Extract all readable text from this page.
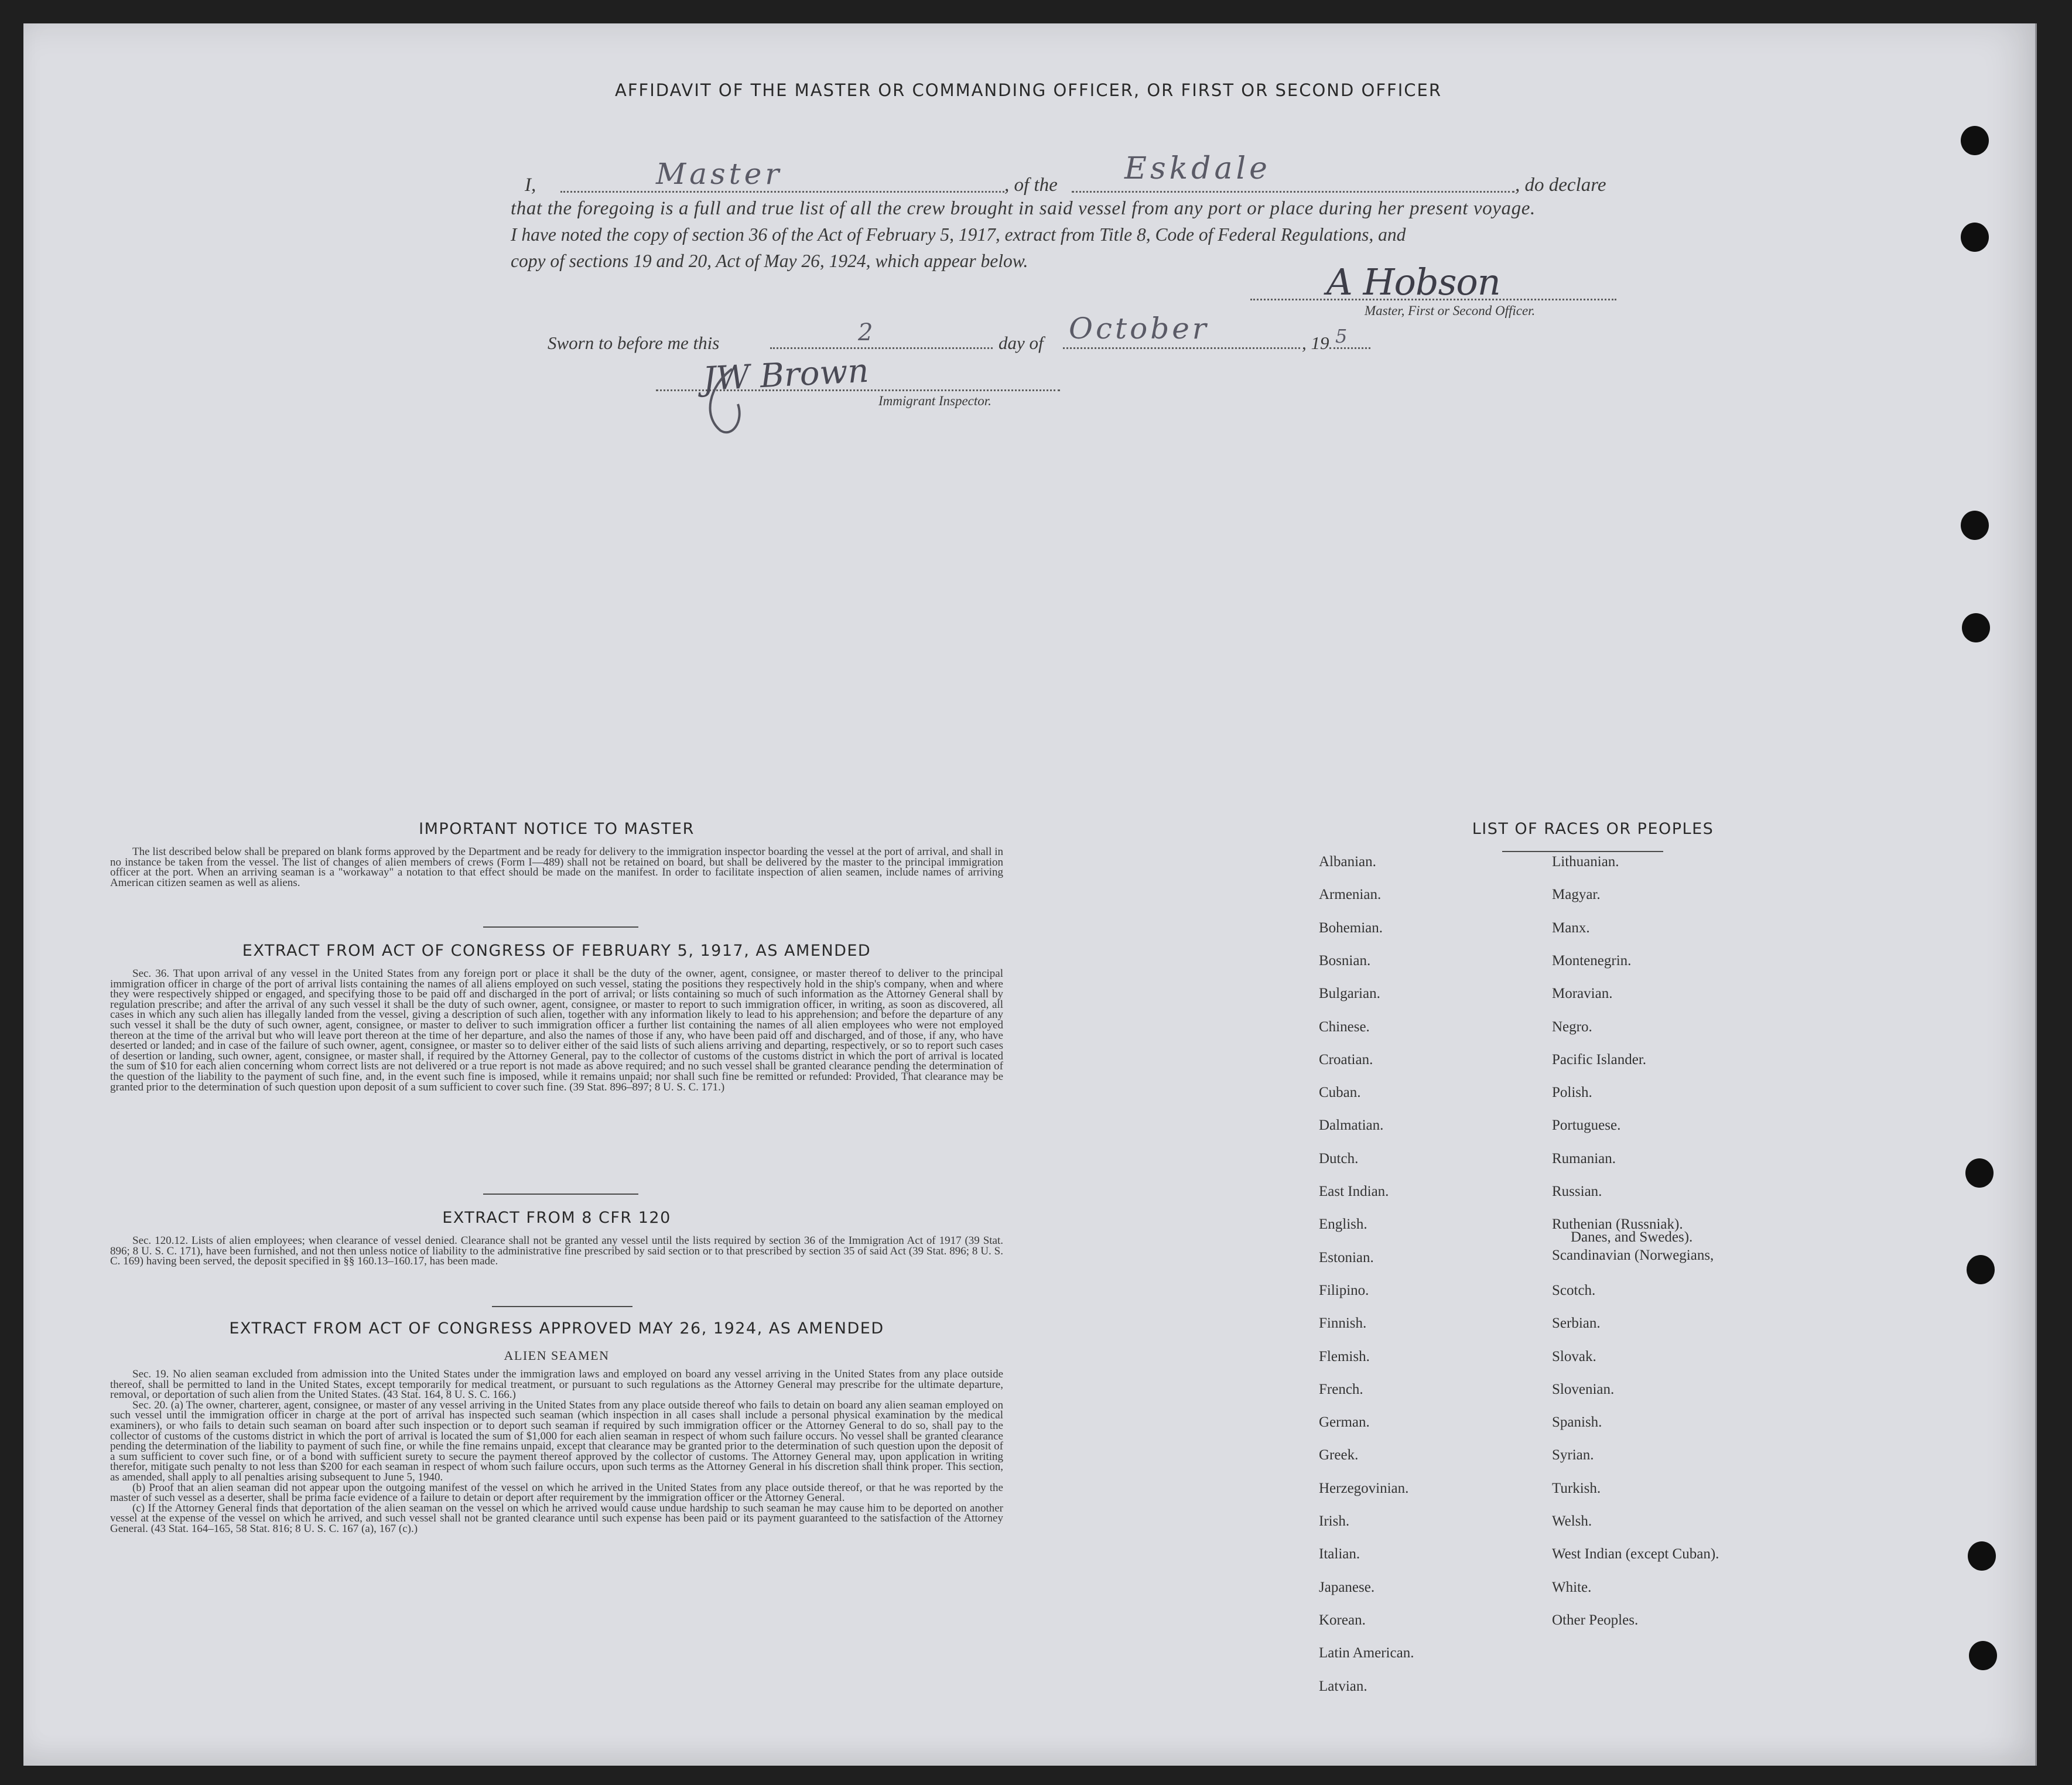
AFFIDAVIT OF THE MASTER OR COMMANDING OFFICER, OR FIRST OR SECOND OFFICER
I,	Master	, of the Eskdale	, do declare
that the foregoing is a full and true list of all the crew brought in said vessel from any port or place during her present voyage.
I have noted the copy of section 36 of the Act of February 5, 1917, extract from Title 8, Code of Federal Regulations, and
copy of sections 19 and 20, Act of May 26, 1924, which appear below.	A Hobson
Master, First or Second Officer.
Sworn to before me this	2	day of October	, 19 5
JW Brown
Immigrant Inspector.
IMPORTANT NOTICE TO MASTER

The list described below shall be prepared on blank forms approved by the Department and be ready for delivery to the immigration inspector boarding the vessel at the port of arrival, and shall in no instance be taken from the vessel. The list of changes of alien members of crews (Form I—489) shall not be retained on board, but shall be delivered by the master to the principal immigration officer at the port. When an arriving seaman is a "workaway" a notation to that effect should be made on the manifest. In order to facilitate inspection of alien seamen, include names of arriving American citizen seamen as well as aliens.

EXTRACT FROM ACT OF CONGRESS OF FEBRUARY 5, 1917, AS AMENDED

Sec. 36. That upon arrival of any vessel in the United States from any foreign port or place it shall be the duty of the owner, agent, consignee, or master thereof to deliver to the principal immigration officer in charge of the port of arrival lists containing the names of all aliens employed on such vessel, stating the positions they respectively hold in the ship's company, when and where they were respectively shipped or engaged, and specifying those to be paid off and discharged in the port of arrival; or lists containing so much of such information as the Attorney General shall by regulation prescribe; and after the arrival of any such vessel it shall be the duty of such owner, agent, consignee, or master to report to such immigration officer, in writing, as soon as discovered, all cases in which any such alien has illegally landed from the vessel, giving a description of such alien, together with any information likely to lead to his apprehension; and before the departure of any such vessel it shall be the duty of such owner, agent, consignee, or master to deliver to such immigration officer a further list containing the names of all alien employees who were not employed thereon at the time of the arrival but who will leave port thereon at the time of her departure, and also the names of those if any, who have been paid off and discharged, and of those, if any, who have deserted or landed; and in case of the failure of such owner, agent, consignee, or master so to deliver either of the said lists of such aliens arriving and departing, respectively, or so to report such cases of desertion or landing, such owner, agent, consignee, or master shall, if required by the Attorney General, pay to the collector of customs of the customs district in which the port of arrival is located the sum of $10 for each alien concerning whom correct lists are not delivered or a true report is not made as above required; and no such vessel shall be granted clearance pending the determination of the question of the liability to the payment of such fine, and, in the event such fine is imposed, while it remains unpaid; nor shall such fine be remitted or refunded: Provided, That clearance may be granted prior to the determination of such question upon deposit of a sum sufficient to cover such fine. (39 Stat. 896–897; 8 U. S. C. 171.)

EXTRACT FROM 8 CFR 120

Sec. 120.12. Lists of alien employees; when clearance of vessel denied. Clearance shall not be granted any vessel until the lists required by section 36 of the Immigration Act of 1917 (39 Stat. 896; 8 U. S. C. 171), have been furnished, and not then unless notice of liability to the administrative fine prescribed by said section or to that prescribed by section 35 of said Act (39 Stat. 896; 8 U. S. C. 169) having been served, the deposit specified in §§ 160.13–160.17, has been made.

EXTRACT FROM ACT OF CONGRESS APPROVED MAY 26, 1924, AS AMENDED
ALIEN SEAMEN

Sec. 19. No alien seaman excluded from admission into the United States under the immigration laws and employed on board any vessel arriving in the United States from any place outside thereof, shall be permitted to land in the United States, except temporarily for medical treatment, or pursuant to such regulations as the Attorney General may prescribe for the ultimate departure, removal, or deportation of such alien from the United States. (43 Stat. 164, 8 U. S. C. 166.)

Sec. 20. (a) The owner, charterer, agent, consignee, or master of any vessel arriving in the United States from any place outside thereof who fails to detain on board any alien seaman employed on such vessel until the immigration officer in charge at the port of arrival has inspected such seaman (which inspection in all cases shall include a personal physical examination by the medical examiners), or who fails to detain such seaman on board after such inspection or to deport such seaman if required by such immigration officer or the Attorney General to do so, shall pay to the collector of customs of the customs district in which the port of arrival is located the sum of $1,000 for each alien seaman in respect of whom such failure occurs. No vessel shall be granted clearance pending the determination of the liability to payment of such fine, or while the fine remains unpaid, except that clearance may be granted prior to the determination of such question upon the deposit of a sum sufficient to cover such fine, or of a bond with sufficient surety to secure the payment thereof approved by the collector of customs. The Attorney General may, upon application in writing therefor, mitigate such penalty to not less than $200 for each seaman in respect of whom such failure occurs, upon such terms as the Attorney General in his discretion shall think proper. This section, as amended, shall apply to all penalties arising subsequent to June 5, 1940.

(b) Proof that an alien seaman did not appear upon the outgoing manifest of the vessel on which he arrived in the United States from any place outside thereof, or that he was reported by the master of such vessel as a deserter, shall be prima facie evidence of a failure to detain or deport after requirement by the immigration officer or the Attorney General.

(c) If the Attorney General finds that deportation of the alien seaman on the vessel on which he arrived would cause undue hardship to such seaman he may cause him to be deported on another vessel at the expense of the vessel on which he arrived, and such vessel shall not be granted clearance until such expense has been paid or its payment guaranteed to the satisfaction of the Attorney General. (43 Stat. 164–165, 58 Stat. 816; 8 U. S. C. 167 (a), 167 (c).)

LIST OF RACES OR PEOPLES
Albanian.
Armenian.
Bohemian.
Bosnian.
Bulgarian.
Chinese.
Croatian.
Cuban.
Dalmatian.
Dutch.
East Indian.
English.
Estonian.
Filipino.
Finnish.
Flemish.
French.
German.
Greek.
Herzegovinian.
Irish.
Italian.
Japanese.
Korean.
Latin American.
Latvian.
Lithuanian.
Magyar.
Manx.
Montenegrin.
Moravian.
Negro.
Pacific Islander.
Polish.
Portuguese.
Rumanian.
Russian.
Ruthenian (Russniak).
Scandinavian (Norwegians,
Danes, and Swedes).
Scotch.
Serbian.
Slovak.
Slovenian.
Spanish.
Syrian.
Turkish.
Welsh.
West Indian (except Cuban).
White.
Other Peoples.
